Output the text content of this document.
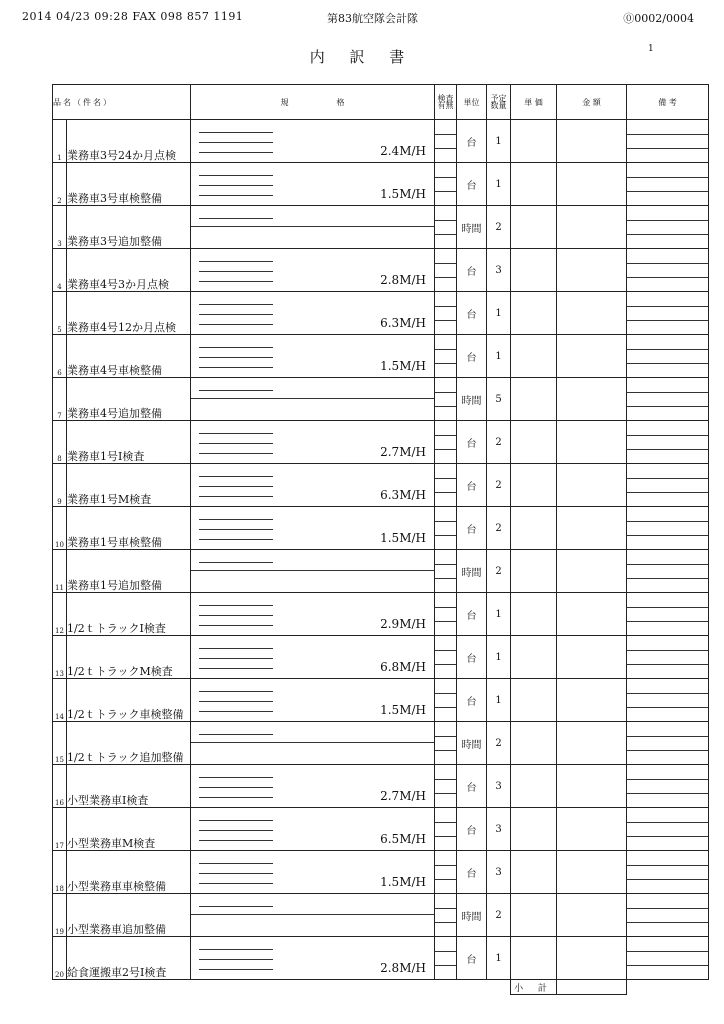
2014 04/23 09:28 FAX 098 857 1191	第83航空隊会計隊	⓪0002/0004
内 訳 書	1
品名（件名）		規　　　　　　格	検査有無	単位	予定数量	単 価	金 額	備 考
1	業務車3号24か月点検	2.4M/H		台	1			

2	業務車3号車検整備	1.5M/H		台	1			

3	業務車3号追加整備			時間	2			

4	業務車4号3か月点検	2.8M/H		台	3			

5	業務車4号12か月点検	6.3M/H		台	1			

6	業務車4号車検整備	1.5M/H		台	1			

7	業務車4号追加整備			時間	5			

8	業務車1号Ⅰ検査	2.7M/H		台	2			

9	業務車1号M検査	6.3M/H		台	2			

10	業務車1号車検整備	1.5M/H		台	2			

11	業務車1号追加整備			時間	2			

12	1/2ｔトラックⅠ検査	2.9M/H		台	1			

13	1/2ｔトラックM検査	6.8M/H		台	1			

14	1/2ｔトラック車検整備	1.5M/H		台	1			

15	1/2ｔトラック追加整備			時間	2			

16	小型業務車Ⅰ検査	2.7M/H		台	3			

17	小型業務車M検査	6.5M/H		台	3			

18	小型業務車車検整備	1.5M/H		台	3			

19	小型業務車追加整備			時間	2			

20	給食運搬車2号Ⅰ検査	2.8M/H		台	1			

						小 計		
